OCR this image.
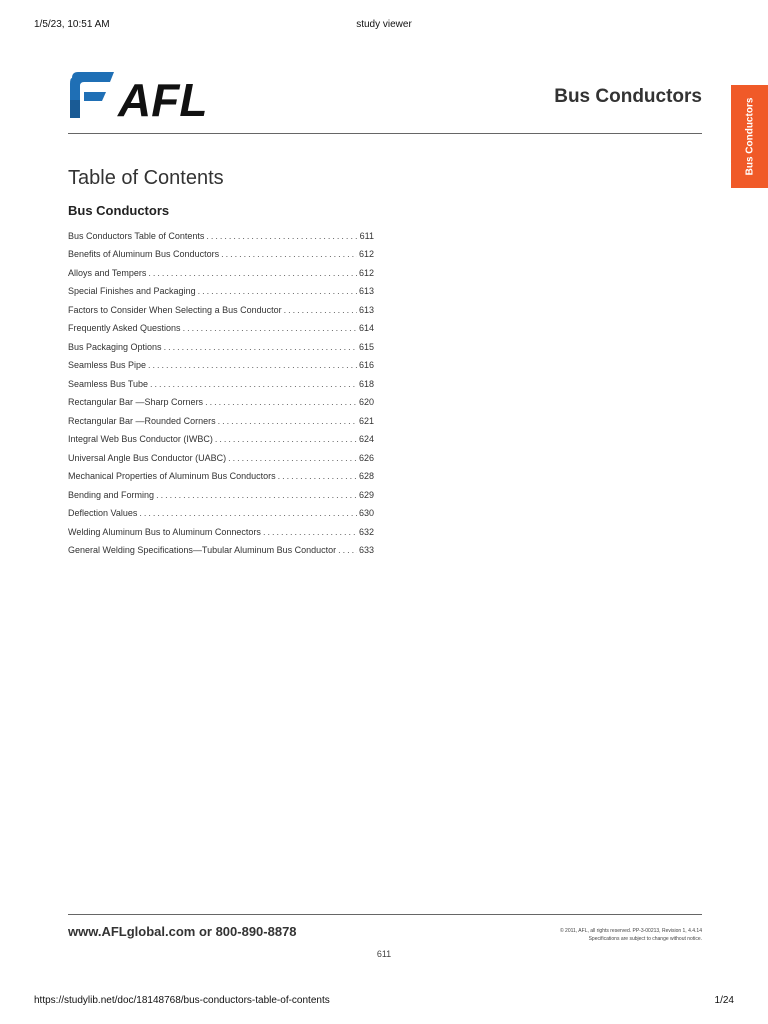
1/5/23, 10:51 AM	study viewer
AFL	Bus Conductors
Bus Conductors
Table of Contents
Bus Conductors
Bus Conductors Table of Contents .....	611
Benefits of Aluminum Bus Conductors .....	612
Alloys and Tempers .....	612
Special Finishes and Packaging .....	613
Factors to Consider When Selecting a Bus Conductor .....	613
Frequently Asked Questions .....	614
Bus Packaging Options .....	615
Seamless Bus Pipe .....	616
Seamless Bus Tube .....	618
Rectangular Bar —Sharp Corners .....	620
Rectangular Bar —Rounded Corners .....	621
Integral Web Bus Conductor (IWBC) .....	624
Universal Angle Bus Conductor (UABC) .....	626
Mechanical Properties of Aluminum Bus Conductors .....	628
Bending and Forming .....	629
Deflection Values .....	630
Welding Aluminum Bus to Aluminum Connectors .....	632
General Welding Specifications—Tubular Aluminum Bus Conductor .....	633
www.AFLglobal.com or 800-890-8878	© 2011, AFL, all rights reserved. PP-3-00213, Revision 1, 4.4.14
Specifications are subject to change without notice.
611
https://studylib.net/doc/18148768/bus-conductors-table-of-contents	1/24
